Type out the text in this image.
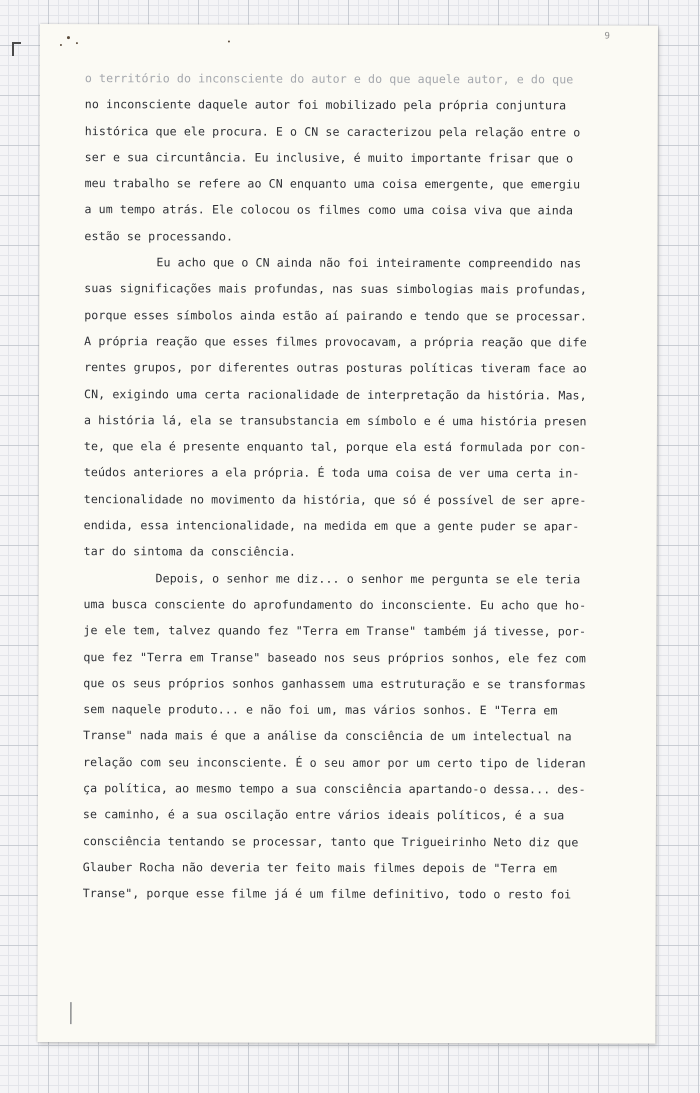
9
o território do inconsciente do autor e do que aquele autor, e do que
no inconsciente daquele autor foi mobilizado pela própria conjuntura
histórica que ele procura. E o CN se caracterizou pela relação entre o
ser e sua circuntância. Eu inclusive, é muito importante frisar que o
meu trabalho se refere ao CN enquanto uma coisa emergente, que emergiu
a um tempo atrás. Ele colocou os filmes como uma coisa viva que ainda
estão se processando.
Eu acho que o CN ainda não foi inteiramente compreendido nas
suas significações mais profundas, nas suas simbologias mais profundas,
porque esses símbolos ainda estão aí pairando e tendo que se processar.
A própria reação que esses filmes provocavam, a própria reação que dife
rentes grupos, por diferentes outras posturas políticas tiveram face ao
CN, exigindo uma certa racionalidade de interpretação da história. Mas,
a história lá, ela se transubstancia em símbolo e é uma história presen
te, que ela é presente enquanto tal, porque ela está formulada por con-
teúdos anteriores a ela própria. É toda uma coisa de ver uma certa in-
tencionalidade no movimento da história, que só é possível de ser apre-
endida, essa intencionalidade, na medida em que a gente puder se apar-
tar do sintoma da consciência.
Depois, o senhor me diz... o senhor me pergunta se ele teria
uma busca consciente do aprofundamento do inconsciente. Eu acho que ho-
je ele tem, talvez quando fez "Terra em Transe" também já tivesse, por-
que fez "Terra em Transe" baseado nos seus próprios sonhos, ele fez com
que os seus próprios sonhos ganhassem uma estruturação e se transformas
sem naquele produto... e não foi um, mas vários sonhos. E "Terra em
Transe" nada mais é que a análise da consciência de um intelectual na
relação com seu inconsciente. É o seu amor por um certo tipo de lideran
ça política, ao mesmo tempo a sua consciência apartando-o dessa... des-
se caminho, é a sua oscilação entre vários ideais políticos, é a sua
consciência tentando se processar, tanto que Trigueirinho Neto diz que
Glauber Rocha não deveria ter feito mais filmes depois de "Terra em
Transe", porque esse filme já é um filme definitivo, todo o resto foi
